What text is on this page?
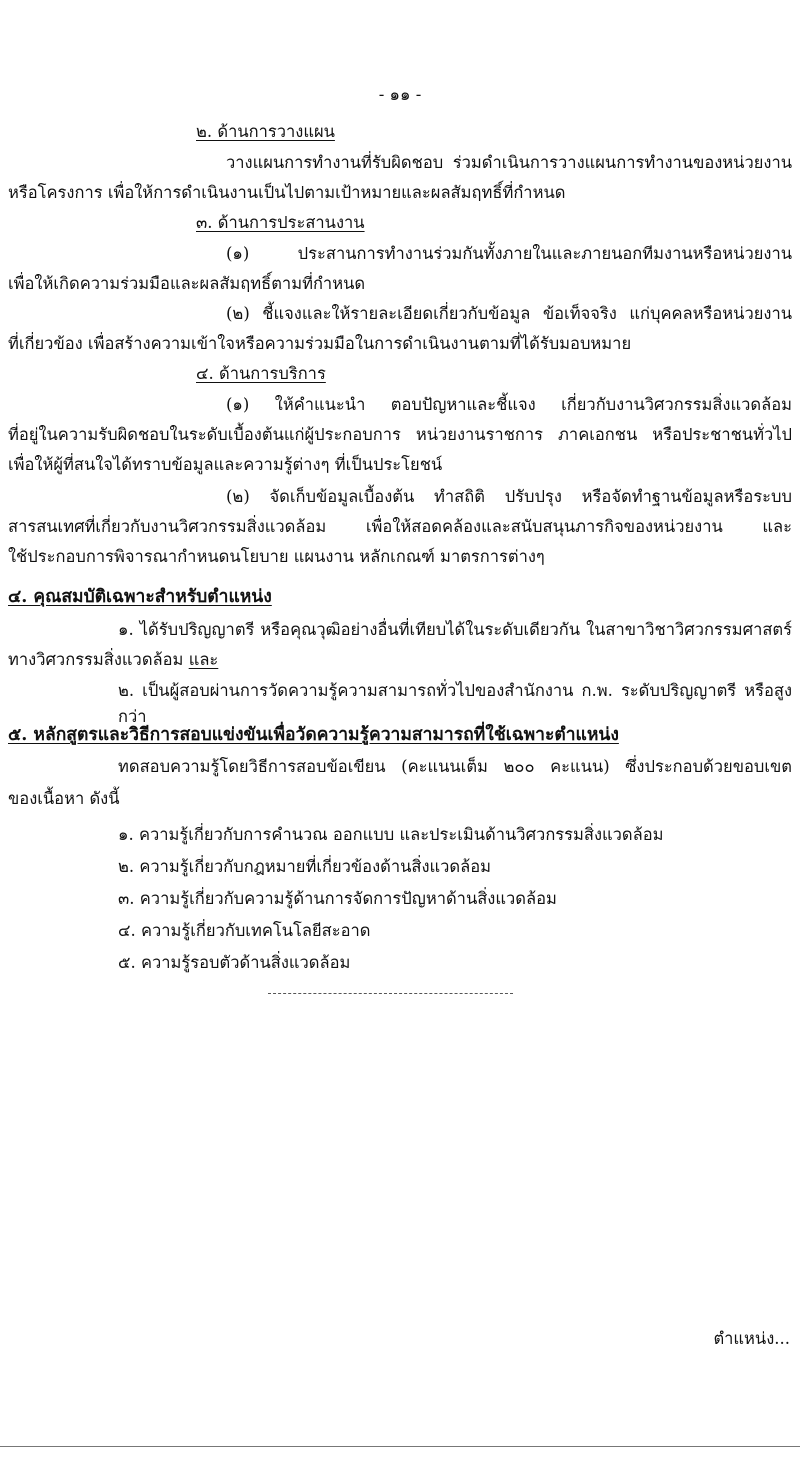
- ๑๑ -

๒. ด้านการวางแผน

วางแผนการทำงานที่รับผิดชอบ ร่วมดำเนินการวางแผนการทำงานของหน่วยงาน

หรือโครงการ เพื่อให้การดำเนินงานเป็นไปตามเป้าหมายและผลสัมฤทธิ์ที่กำหนด

๓. ด้านการประสานงาน

(๑) ประสานการทำงานร่วมกันทั้งภายในและภายนอกทีมงานหรือหน่วยงาน

เพื่อให้เกิดความร่วมมือและผลสัมฤทธิ์ตามที่กำหนด

(๒) ชี้แจงและให้รายละเอียดเกี่ยวกับข้อมูล ข้อเท็จจริง แก่บุคคลหรือหน่วยงาน

ที่เกี่ยวข้อง เพื่อสร้างความเข้าใจหรือความร่วมมือในการดำเนินงานตามที่ได้รับมอบหมาย

๔. ด้านการบริการ

(๑) ให้คำแนะนำ ตอบปัญหาและชี้แจง เกี่ยวกับงานวิศวกรรมสิ่งแวดล้อม

ที่อยู่ในความรับผิดชอบในระดับเบื้องต้นแก่ผู้ประกอบการ หน่วยงานราชการ ภาคเอกชน หรือประชาชนทั่วไป

เพื่อให้ผู้ที่สนใจได้ทราบข้อมูลและความรู้ต่างๆ ที่เป็นประโยชน์

(๒) จัดเก็บข้อมูลเบื้องต้น ทำสถิติ ปรับปรุง หรือจัดทำฐานข้อมูลหรือระบบ

สารสนเทศที่เกี่ยวกับงานวิศวกรรมสิ่งแวดล้อม เพื่อให้สอดคล้องและสนับสนุนภารกิจของหน่วยงาน และ

ใช้ประกอบการพิจารณากำหนดนโยบาย แผนงาน หลักเกณฑ์ มาตรการต่างๆ

๔. คุณสมบัติเฉพาะสำหรับตำแหน่ง

๑. ได้รับปริญญาตรี หรือคุณวุฒิอย่างอื่นที่เทียบได้ในระดับเดียวกัน ในสาขาวิชาวิศวกรรมศาสตร์

ทางวิศวกรรมสิ่งแวดล้อม และ

๒. เป็นผู้สอบผ่านการวัดความรู้ความสามารถทั่วไปของสำนักงาน ก.พ. ระดับปริญญาตรี หรือสูงกว่า

๕. หลักสูตรและวิธีการสอบแข่งขันเพื่อวัดความรู้ความสามารถที่ใช้เฉพาะตำแหน่ง

ทดสอบความรู้โดยวิธีการสอบข้อเขียน (คะแนนเต็ม ๒๐๐ คะแนน) ซึ่งประกอบด้วยขอบเขต

ของเนื้อหา ดังนี้

๑. ความรู้เกี่ยวกับการคำนวณ ออกแบบ และประเมินด้านวิศวกรรมสิ่งแวดล้อม

๒. ความรู้เกี่ยวกับกฎหมายที่เกี่ยวข้องด้านสิ่งแวดล้อม

๓. ความรู้เกี่ยวกับความรู้ด้านการจัดการปัญหาด้านสิ่งแวดล้อม

๔. ความรู้เกี่ยวกับเทคโนโลยีสะอาด

๕. ความรู้รอบตัวด้านสิ่งแวดล้อม

ตำแหน่ง...
